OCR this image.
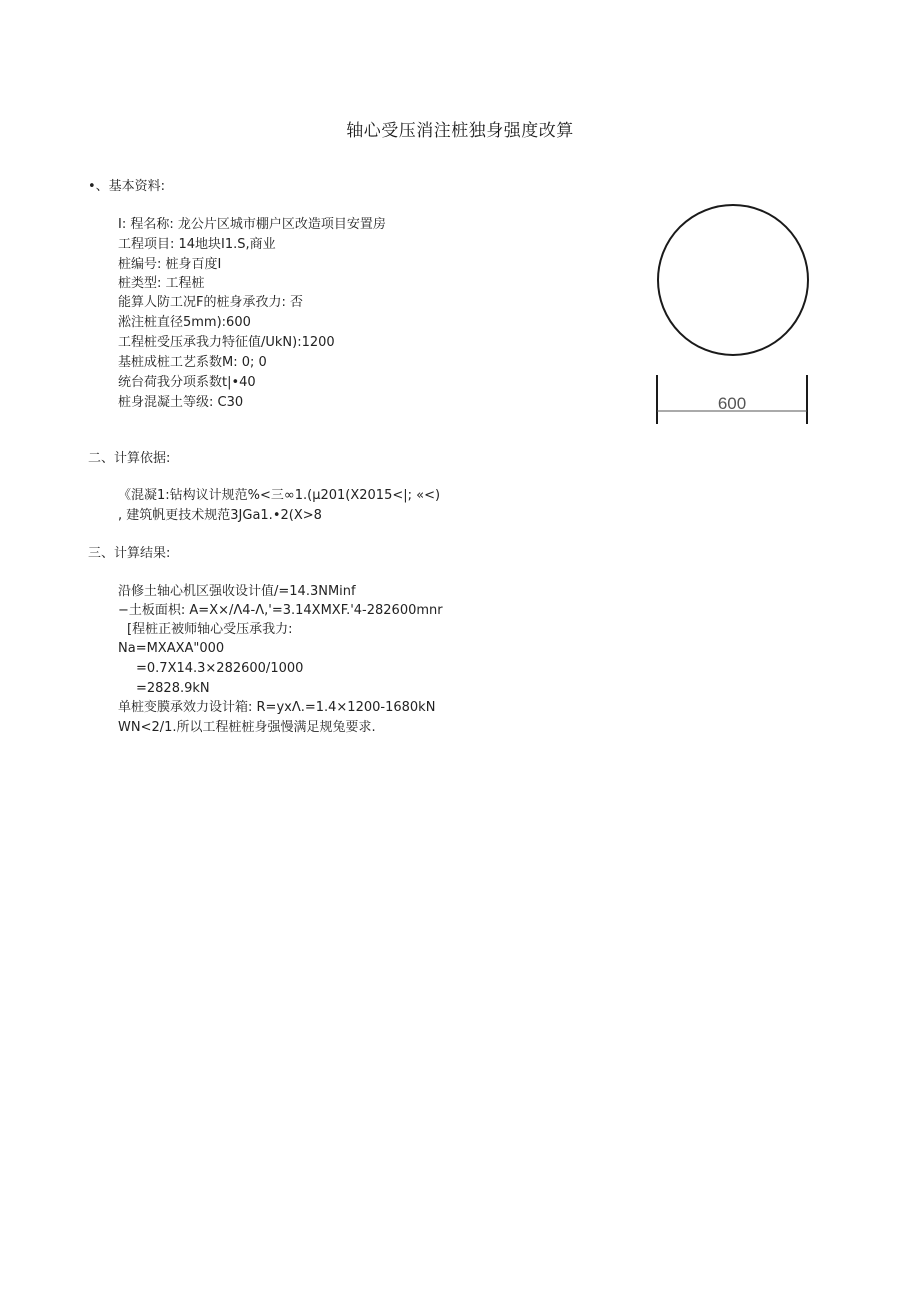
轴心受压消注桩独身强度改算
•、基本资料:
I: 程名称: 龙公片区城市棚户区改造项目安置房
工程项目: 14地块I1.S,商业
桩编号: 桩身百度I
桩类型: 工程桩
能算人防工况F的桩身承孜力: 否
淞注桩直径5mm):600
工程桩受压承我力特征值/UkN):1200
基桩成桩工艺系数M: 0; 0
统台荷我分项系数t|•40
桩身混凝土等级: C30	600
二、计算依据:
《混凝1:钻构议计规范%<三∞1.(µ201(X2015<|; «<)
, 建筑帆更技术规范3JGa1.•2(X>8
三、计算结果:
沿修土轴心机区强收设计值/=14.3NMinf
−土板面枳: A=X×/Λ4-Λ,'=3.14XMXF.'4-282600mnr
[程桩正被师轴心受压承我力:
Na=MXAXA"000
=0.7X14.3×282600/1000
=2828.9kN
单桩变膜承效力设计箱: R=yxΛ.=1.4×1200-1680kN
WN<2/1.所以工程桩桩身强慢满足规兔要求.
